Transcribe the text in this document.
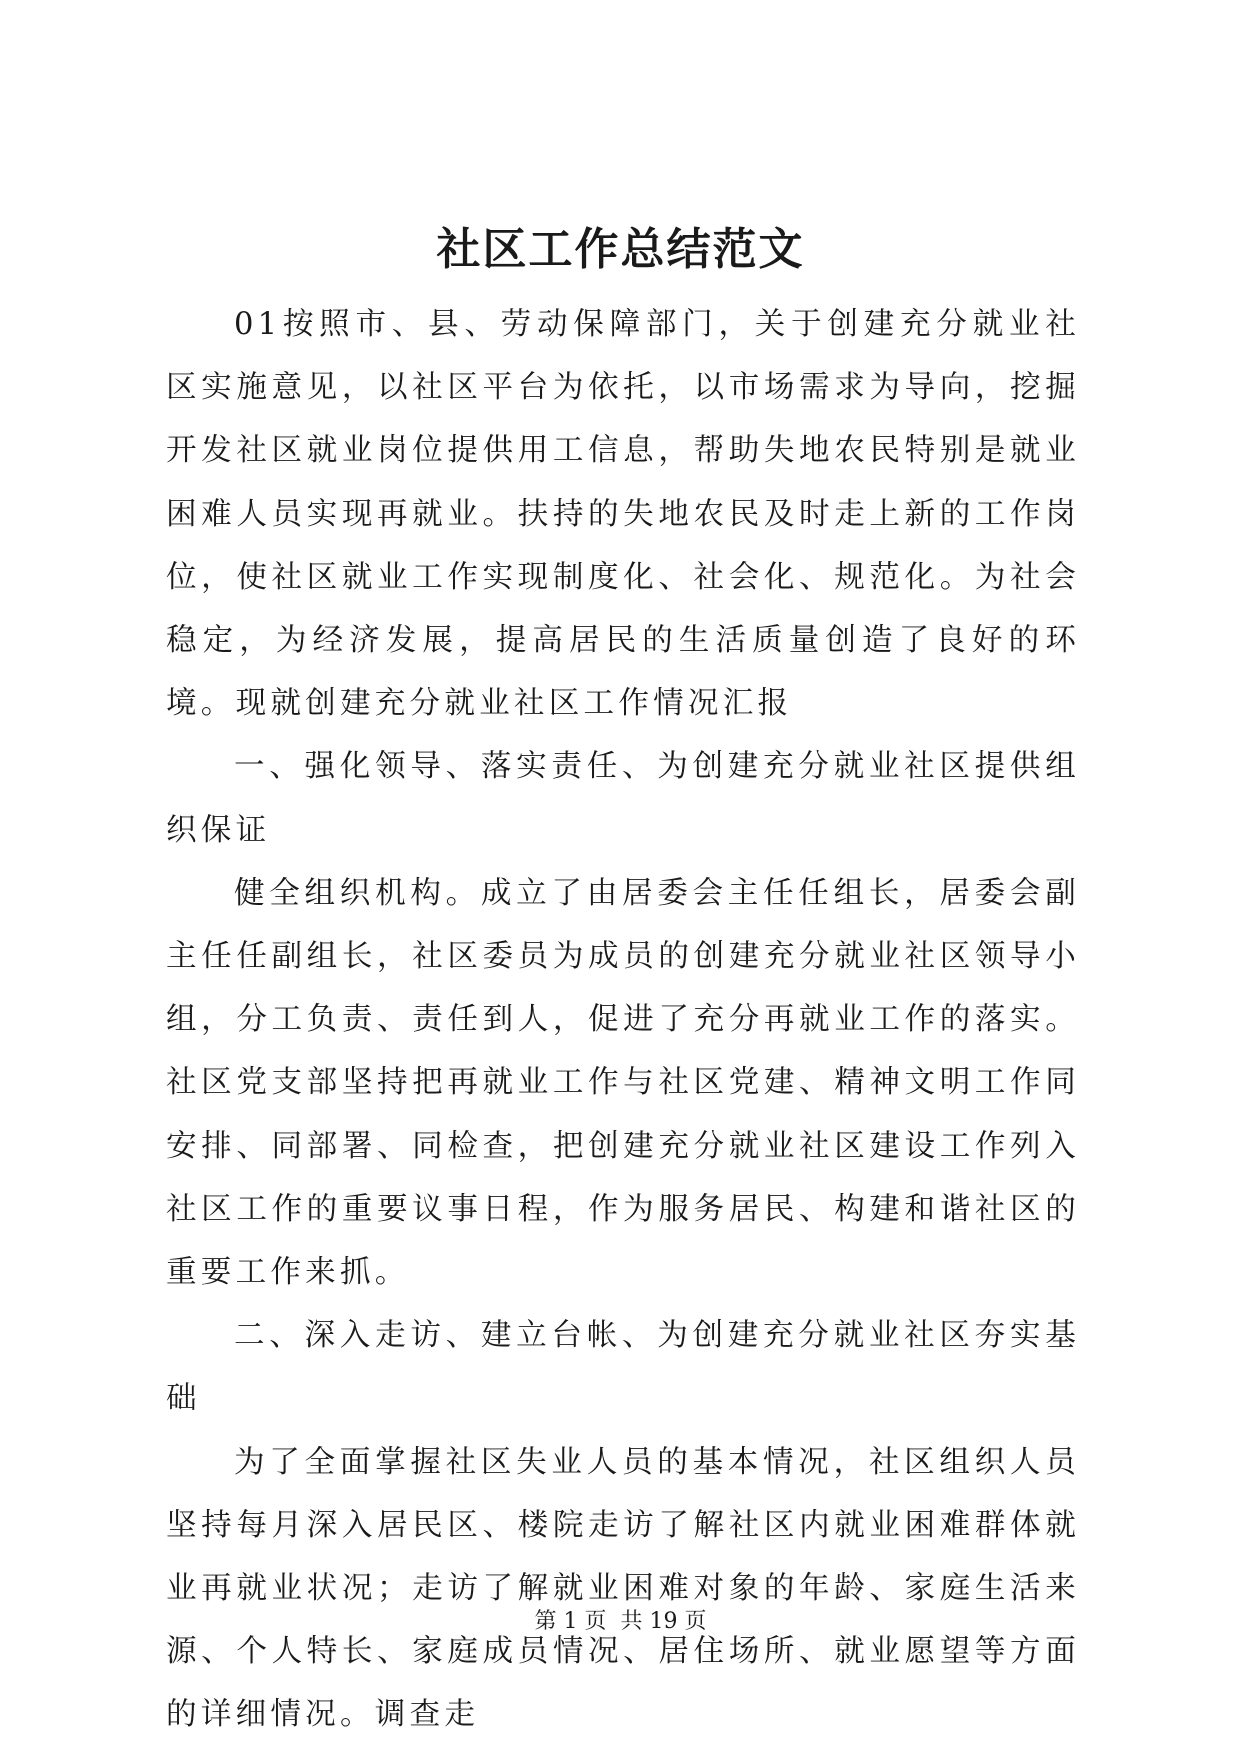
社区工作总结范文

01按照市、县、劳动保障部门，关于创建充分就业社区实施意见，以社区平台为依托，以市场需求为导向，挖掘开发社区就业岗位提供用工信息，帮助失地农民特别是就业困难人员实现再就业。扶持的失地农民及时走上新的工作岗位，使社区就业工作实现制度化、社会化、规范化。为社会稳定，为经济发展，提高居民的生活质量创造了良好的环境。现就创建充分就业社区工作情况汇报

一、强化领导、落实责任、为创建充分就业社区提供组织保证

健全组织机构。成立了由居委会主任任组长，居委会副主任任副组长，社区委员为成员的创建充分就业社区领导小组，分工负责、责任到人，促进了充分再就业工作的落实。社区党支部坚持把再就业工作与社区党建、精神文明工作同安排、同部署、同检查，把创建充分就业社区建设工作列入社区工作的重要议事日程，作为服务居民、构建和谐社区的重要工作来抓。

二、深入走访、建立台帐、为创建充分就业社区夯实基础

为了全面掌握社区失业人员的基本情况，社区组织人员坚持每月深入居民区、楼院走访了解社区内就业困难群体就业再就业状况；走访了解就业困难对象的年龄、家庭生活来源、个人特长、家庭成员情况、居住场所、就业愿望等方面的详细情况。调查走

第 1 页  共 19 页
